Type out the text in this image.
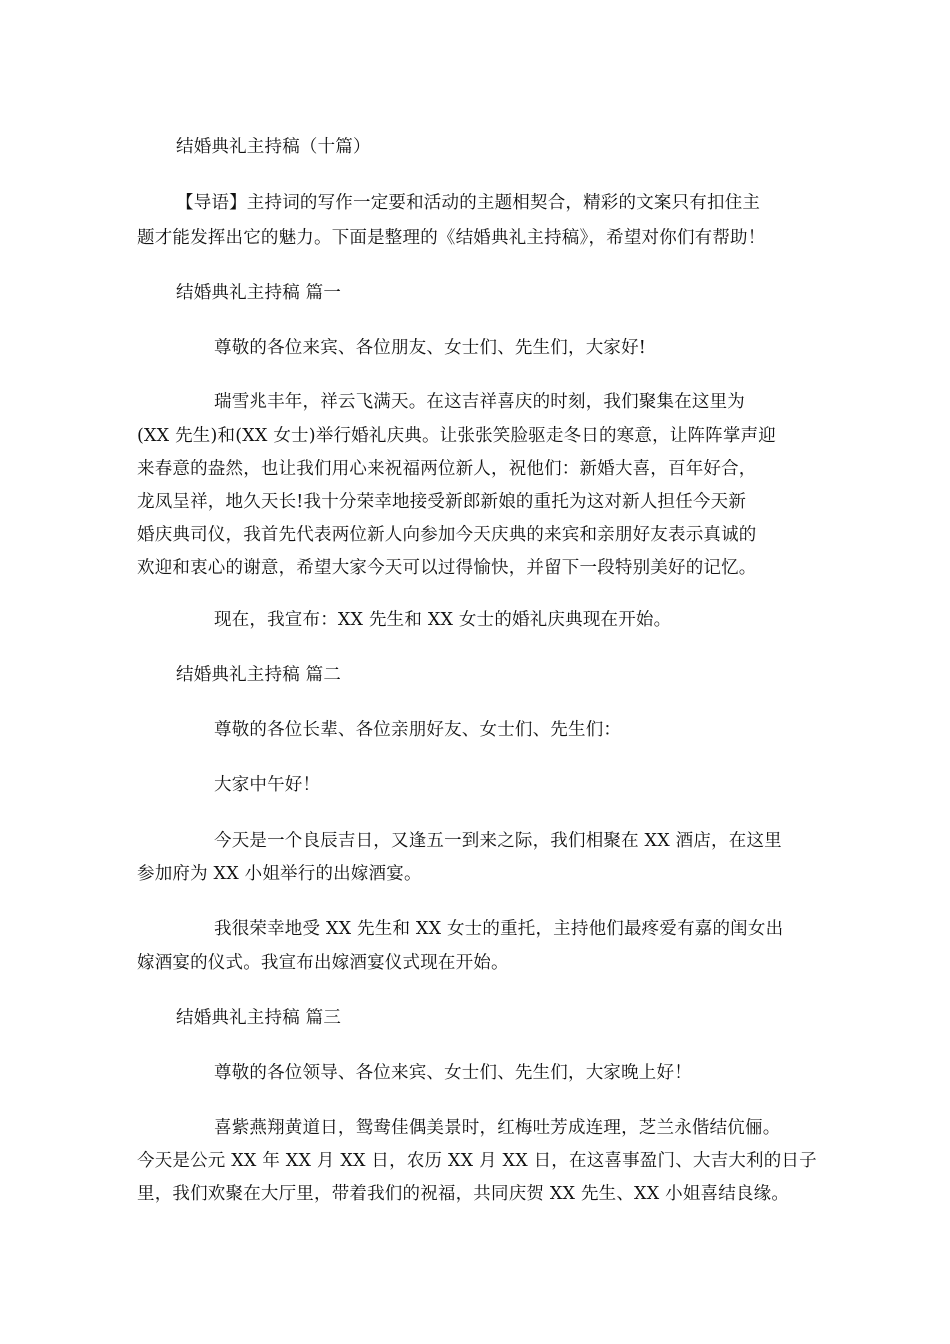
结婚典礼主持稿（十篇）
【导语】主持词的写作一定要和活动的主题相契合，精彩的文案只有扣住主
题才能发挥出它的魅力。下面是整理的《结婚典礼主持稿》，希望对你们有帮助！
结婚典礼主持稿 篇一
尊敬的各位来宾、各位朋友、女士们、先生们，大家好!
瑞雪兆丰年，祥云飞满天。在这吉祥喜庆的时刻，我们聚集在这里为
(XX 先生)和(XX 女士)举行婚礼庆典。让张张笑脸驱走冬日的寒意，让阵阵掌声迎
来春意的盎然，也让我们用心来祝福两位新人，祝他们：新婚大喜，百年好合，
龙凤呈祥，地久天长!我十分荣幸地接受新郎新娘的重托为这对新人担任今天新
婚庆典司仪，我首先代表两位新人向参加今天庆典的来宾和亲朋好友表示真诚的
欢迎和衷心的谢意，希望大家今天可以过得愉快，并留下一段特别美好的记忆。
现在，我宣布：XX 先生和 XX 女士的婚礼庆典现在开始。
结婚典礼主持稿 篇二
尊敬的各位长辈、各位亲朋好友、女士们、先生们：
大家中午好！
今天是一个良辰吉日，又逢五一到来之际，我们相聚在 XX 酒店，在这里
参加府为 XX 小姐举行的出嫁酒宴。
我很荣幸地受 XX 先生和 XX 女士的重托，主持他们最疼爱有嘉的闺女出
嫁酒宴的仪式。我宣布出嫁酒宴仪式现在开始。
结婚典礼主持稿 篇三
尊敬的各位领导、各位来宾、女士们、先生们，大家晚上好！
喜紫燕翔黄道日，鸳鸯佳偶美景时，红梅吐芳成连理，芝兰永偕结伉俪。
今天是公元 XX 年 XX 月 XX 日，农历 XX 月 XX 日，在这喜事盈门、大吉大利的日子
里，我们欢聚在大厅里，带着我们的祝福，共同庆贺 XX 先生、XX 小姐喜结良缘。
